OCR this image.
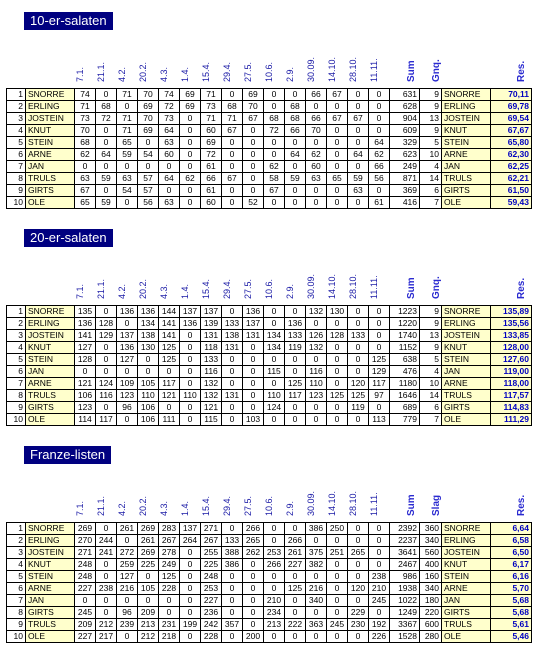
10-er-salaten
7.1.	21.1.	4.2.	20.2.	4.3.	1.4.	15.4.	29.4.	27.5.	10.6.	2.9.	30.09.	14.10.	28.10.	11.11.	Sum	Gnq.	Res.
1	SNORRE	74	0	71	70	74	69	71	0	69	0	0	66	67	0	0	631	9	SNORRE	70,11
2	ERLING	71	68	0	69	72	69	73	68	70	0	68	0	0	0	0	628	9	ERLING	69,78
3	JOSTEIN	73	72	71	70	73	0	71	71	67	68	68	66	67	67	0	904	13	JOSTEIN	69,54
4	KNUT	70	0	71	69	64	0	60	67	0	72	66	70	0	0	0	609	9	KNUT	67,67
5	STEIN	68	0	65	0	63	0	69	0	0	0	0	0	0	0	64	329	5	STEIN	65,80
6	ARNE	62	64	59	54	60	0	72	0	0	0	64	62	0	64	62	623	10	ARNE	62,30
7	JAN	0	0	0	0	0	0	61	0	0	62	0	60	0	0	66	249	4	JAN	62,25
8	TRULS	63	59	63	57	64	62	66	67	0	58	59	63	65	59	56	871	14	TRULS	62,21
9	GIRTS	67	0	54	57	0	0	61	0	0	67	0	0	0	63	0	369	6	GIRTS	61,50
10	OLE	65	59	0	56	63	0	60	0	52	0	0	0	0	0	61	416	7	OLE	59,43
20-er-salaten
7.1.	21.1.	4.2.	20.2.	4.3.	1.4.	15.4.	29.4.	27.5.	10.6.	2.9.	30.09.	14.10.	28.10.	11.11.	Sum	Gnq.	Res.
1	SNORRE	135	0	136	136	144	137	137	0	136	0	0	132	130	0	0	1223	9	SNORRE	135,89
2	ERLING	136	128	0	134	141	136	139	133	137	0	136	0	0	0	0	1220	9	ERLING	135,56
3	JOSTEIN	141	129	137	138	141	0	131	138	131	134	133	126	128	133	0	1740	13	JOSTEIN	133,85
4	KNUT	127	0	136	130	125	0	118	131	0	134	119	132	0	0	0	1152	9	KNUT	128,00
5	STEIN	128	0	127	0	125	0	133	0	0	0	0	0	0	0	125	638	5	STEIN	127,60
6	JAN	0	0	0	0	0	0	116	0	0	115	0	116	0	0	129	476	4	JAN	119,00
7	ARNE	121	124	109	105	117	0	132	0	0	0	125	110	0	120	117	1180	10	ARNE	118,00
8	TRULS	106	116	123	110	121	110	132	131	0	110	117	123	125	125	97	1646	14	TRULS	117,57
9	GIRTS	123	0	96	106	0	0	121	0	0	124	0	0	0	119	0	689	6	GIRTS	114,83
10	OLE	114	117	0	106	111	0	115	0	103	0	0	0	0	0	113	779	7	OLE	111,29
Franze-listen
7.1.	21.1.	4.2.	20.2.	4.3.	1.4.	15.4.	29.4.	27.5.	10.6.	2.9.	30.09.	14.10.	28.10.	11.11.	Sum	Slag	Res.
1	SNORRE	269	0	261	269	283	137	271	0	266	0	0	386	250	0	0	2392	360	SNORRE	6,64
2	ERLING	270	244	0	261	267	264	267	133	265	0	266	0	0	0	0	2237	340	ERLING	6,58
3	JOSTEIN	271	241	272	269	278	0	255	388	262	253	261	375	251	265	0	3641	560	JOSTEIN	6,50
4	KNUT	248	0	259	225	249	0	225	386	0	266	227	382	0	0	0	2467	400	KNUT	6,17
5	STEIN	248	0	127	0	125	0	248	0	0	0	0	0	0	0	238	986	160	STEIN	6,16
6	ARNE	227	238	216	105	228	0	253	0	0	0	125	216	0	120	210	1938	340	ARNE	5,70
7	JAN	0	0	0	0	0	0	227	0	0	210	0	340	0	0	245	1022	180	JAN	5,68
8	GIRTS	245	0	96	209	0	0	236	0	0	234	0	0	0	229	0	1249	220	GIRTS	5,68
9	TRULS	209	212	239	213	231	199	242	357	0	213	222	363	245	230	192	3367	600	TRULS	5,61
10	OLE	227	217	0	212	218	0	228	0	200	0	0	0	0	0	226	1528	280	OLE	5,46
